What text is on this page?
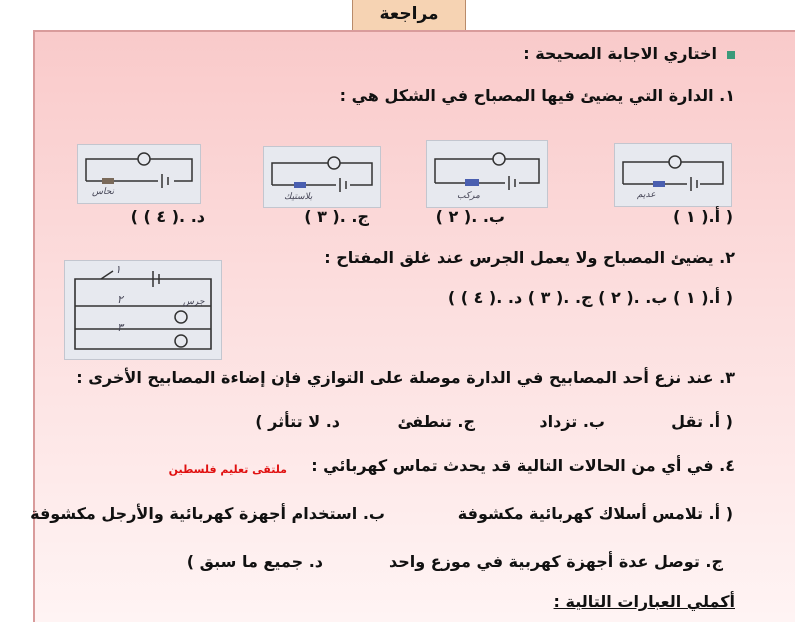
مراجعة
اختاري الاجابة الصحيحة :
١. الدارة التي يضيئ فيها المصباح في الشكل هي :
عديم
مركب
بلاستيك
نحاس
( أ.( ١ )
ب. .( ٢ )
ج. .( ٣ )
د. .( ٤ ) )
٢. يضيئ المصباح ولا يعمل الجرس عند غلق المفتاح :
١
٢
٣
جرس	( أ.( ١ ) ب. .( ٢ ) ج. .( ٣ ) د. .( ٤ ) )
٣. عند نزع أحد المصابيح في الدارة موصلة على التوازي فإن إضاءة المصابيح الأخرى :
( أ. تقل
ب. تزداد
ج. تنطفئ
د. لا تتأثر )
٤. في أي من الحالات التالية قد يحدث تماس كهربائي :
ملتقى تعليم فلسطين
( أ. تلامس أسلاك كهربائية مكشوفة
ب. استخدام أجهزة كهربائية والأرجل مكشوفة
ج. توصل عدة أجهزة كهربية في موزع واحد
د. جميع ما سبق )
أكملي العبارات التالية :
